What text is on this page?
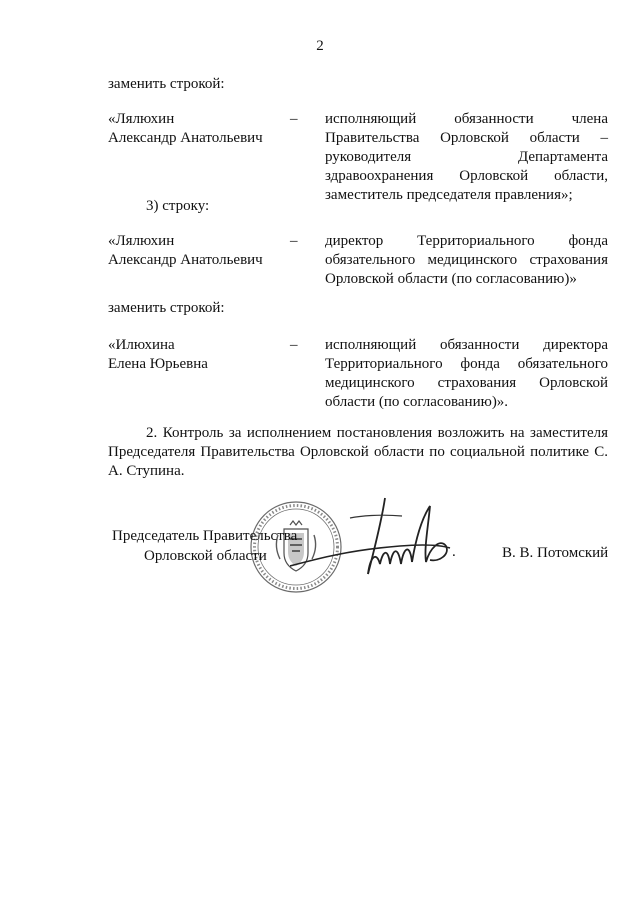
2
заменить строкой:
«Лялюхин
Александр Анатольевич
– исполняющий обязанности члена Правительства Орловской области – руководителя Департамента здравоохранения Орловской области, заместитель председателя правления»;
3) строку:
«Лялюхин
Александр Анатольевич
– директор Территориального фонда обязательного медицинского страхования Орловской области (по согласованию)»
заменить строкой:
«Илюхина
Елена Юрьевна
– исполняющий обязанности директора Территориального фонда обязательного медицинского страхования Орловской области (по согласованию)».
2. Контроль за исполнением постановления возложить на заместителя Председателя Правительства Орловской области по социальной политике С. А. Ступина.
Председатель Правительства
Орловской области	.	В. В. Потомский
